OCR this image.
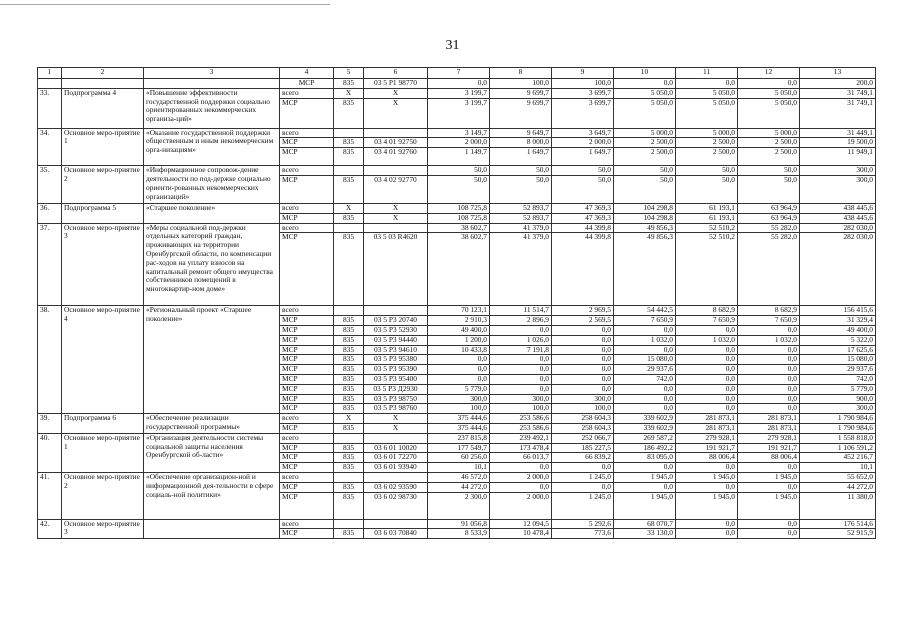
31
1	2	3	4	5	6	7	8	9	10	11	12	13
			МСР	835	03 5 Р1 98770	0,0	100,0	100,0	0,0	0,0	0,0	200,0
33.	Подпрограмма 4	«Повышение эффективности государственной поддержки социально ориентированных некоммерческих организа-ций»	всего	Х	Х	3 199,7	9 699,7	3 699,7	5 050,0	5 050,0	5 050,0	31 749,1
			МСР	835	Х	3 199,7	9 699,7	3 699,7	5 050,0	5 050,0	5 050,0	31 749,1
34.	Основное меро-приятие 1	«Оказание государственной поддержки общественным и иным некоммерческим орга-низациям»	всего			3 149,7	9 649,7	3 649,7	5 000,0	5 000,0	5 000,0	31 449,1
			МСР	835	03 4 01 92750	2 000,0	8 000,0	2 000,0	2 500,0	2 500,0	2 500,0	19 500,0
			МСР	835	03 4 01 92760	1 149,7	1 649,7	1 649,7	2 500,0	2 500,0	2 500,0	11 949,1
35.	Основное меро-приятие 2	«Информационное сопровож-дение деятельности по под-держке социально ориенти-рованных некоммерческих организаций»	всего			50,0	50,0	50,0	50,0	50,0	50,0	300,0
			МСР	835	03 4 02 92770	50,0	50,0	50,0	50,0	50,0	50,0	300,0
36.	Подпрограмма 5	«Старшее поколение»	всего	Х	Х	108 725,8	52 893,7	47 369,3	104 298,8	61 193,1	63 964,9	438 445,6
			МСР	835	Х	108 725,8	52 893,7	47 369,3	104 298,8	61 193,1	63 964,9	438 445,6
37.	Основное меро-приятие 3	«Меры социальной под-держки отдельных категорий граждан, проживающих на территории Оренбургской области, по компенсации рас-ходов на уплату взносов на капитальный ремонт общего имущества собственников помещений в многоквартир-ном доме»	всего			38 602,7	41 379,0	44 399,8	49 856,3	52 510,2	55 282,0	282 030,0
			МСР	835	03 5 03 R4620	38 602,7	41 379,0	44 399,8	49 856,3	52 510,2	55 282,0	282 030,0
38.	Основное меро-приятие 4	«Региональный проект «Старшее поколение»	всего			70 123,1	11 514,7	2 969,5	54 442,5	8 682,9	8 682,9	156 415,6
			МСР	835	03 5 Р3 20740	2 910,3	2 896,9	2 569,5	7 650,9	7 650,9	7 650,9	31 329,4
			МСР	835	03 5 Р3 52930	49 400,0	0,0	0,0	0,0	0,0	0,0	49 400,0
			МСР	835	03 5 Р3 94440	1 200,0	1 026,0	0,0	1 032,0	1 032,0	1 032,0	5 322,0
			МСР	835	03 5 Р3 94610	10 433,8	7 191,8	0,0	0,0	0,0	0,0	17 625,6
			МСР	835	03 5 Р3 95380	0,0	0,0	0,0	15 080,0	0,0	0,0	15 080,0
			МСР	835	03 5 Р3 95390	0,0	0,0	0,0	29 937,6	0,0	0,0	29 937,6
			МСР	835	03 5 Р3 95400	0,0	0,0	0,0	742,0	0,0	0,0	742,0
			МСР	835	03 5 Р3 Д2930	5 779,0	0,0	0,0	0,0	0,0	0,0	5 779,0
			МСР	835	03 5 Р3 98750	300,0	300,0	300,0	0,0	0,0	0,0	900,0
			МСР	835	03 5 Р3 98760	100,0	100,0	100,0	0,0	0,0	0,0	300,0
39.	Подпрограмма 6	«Обеспечение реализации государственной программы»	всего	Х	Х	375 444,6	253 586,6	258 604,3	339 602,9	281 873,1	281 873,1	1 790 984,6
			МСР	835	Х	375 444,6	253 586,6	258 604,3	339 602,9	281 873,1	281 873,1	1 790 984,6
40.	Основное меро-приятие 1	«Организация деятельности системы социальной защиты населения Оренбургской об-ласти»	всего			237 815,8	239 492,1	252 066,7	269 587,2	279 928,1	279 928,1	1 558 818,0
			МСР	835	03 6 01 10020	177 549,7	173 478,4	185 227,5	186 492,2	191 921,7	191 921,7	1 106 591,2
			МСР	835	03 6 01 72270	60 256,0	66 013,7	66 839,2	83 095,0	88 006,4	88 006,4	452 216,7
			МСР	835	03 6 01 93940	10,1	0,0	0,0	0,0	0,0	0,0	10,1
41.	Основное меро-приятие 2	«Обеспечение организацион-ной и информационной дея-тельности в сфере социаль-ной политики»	всего			46 572,0	2 000,0	1 245,0	1 945,0	1 945,0	1 945,0	55 652,0
			МСР	835	03 6 02 93590	44 272,0	0,0	0,0	0,0	0,0	0,0	44 272,0
			МСР	835	03 6 02 98730	2 300,0	2 000,0	1 245,0	1 945,0	1 945,0	1 945,0	11 380,0
42.	Основное меро-приятие 3		всего			91 056,8	12 094,5	5 292,6	68 070,7	0,0	0,0	176 514,6
			МСР	835	03 6 03 70840	8 533,9	10 478,4	773,6	33 130,0	0,0	0,0	52 915,9
